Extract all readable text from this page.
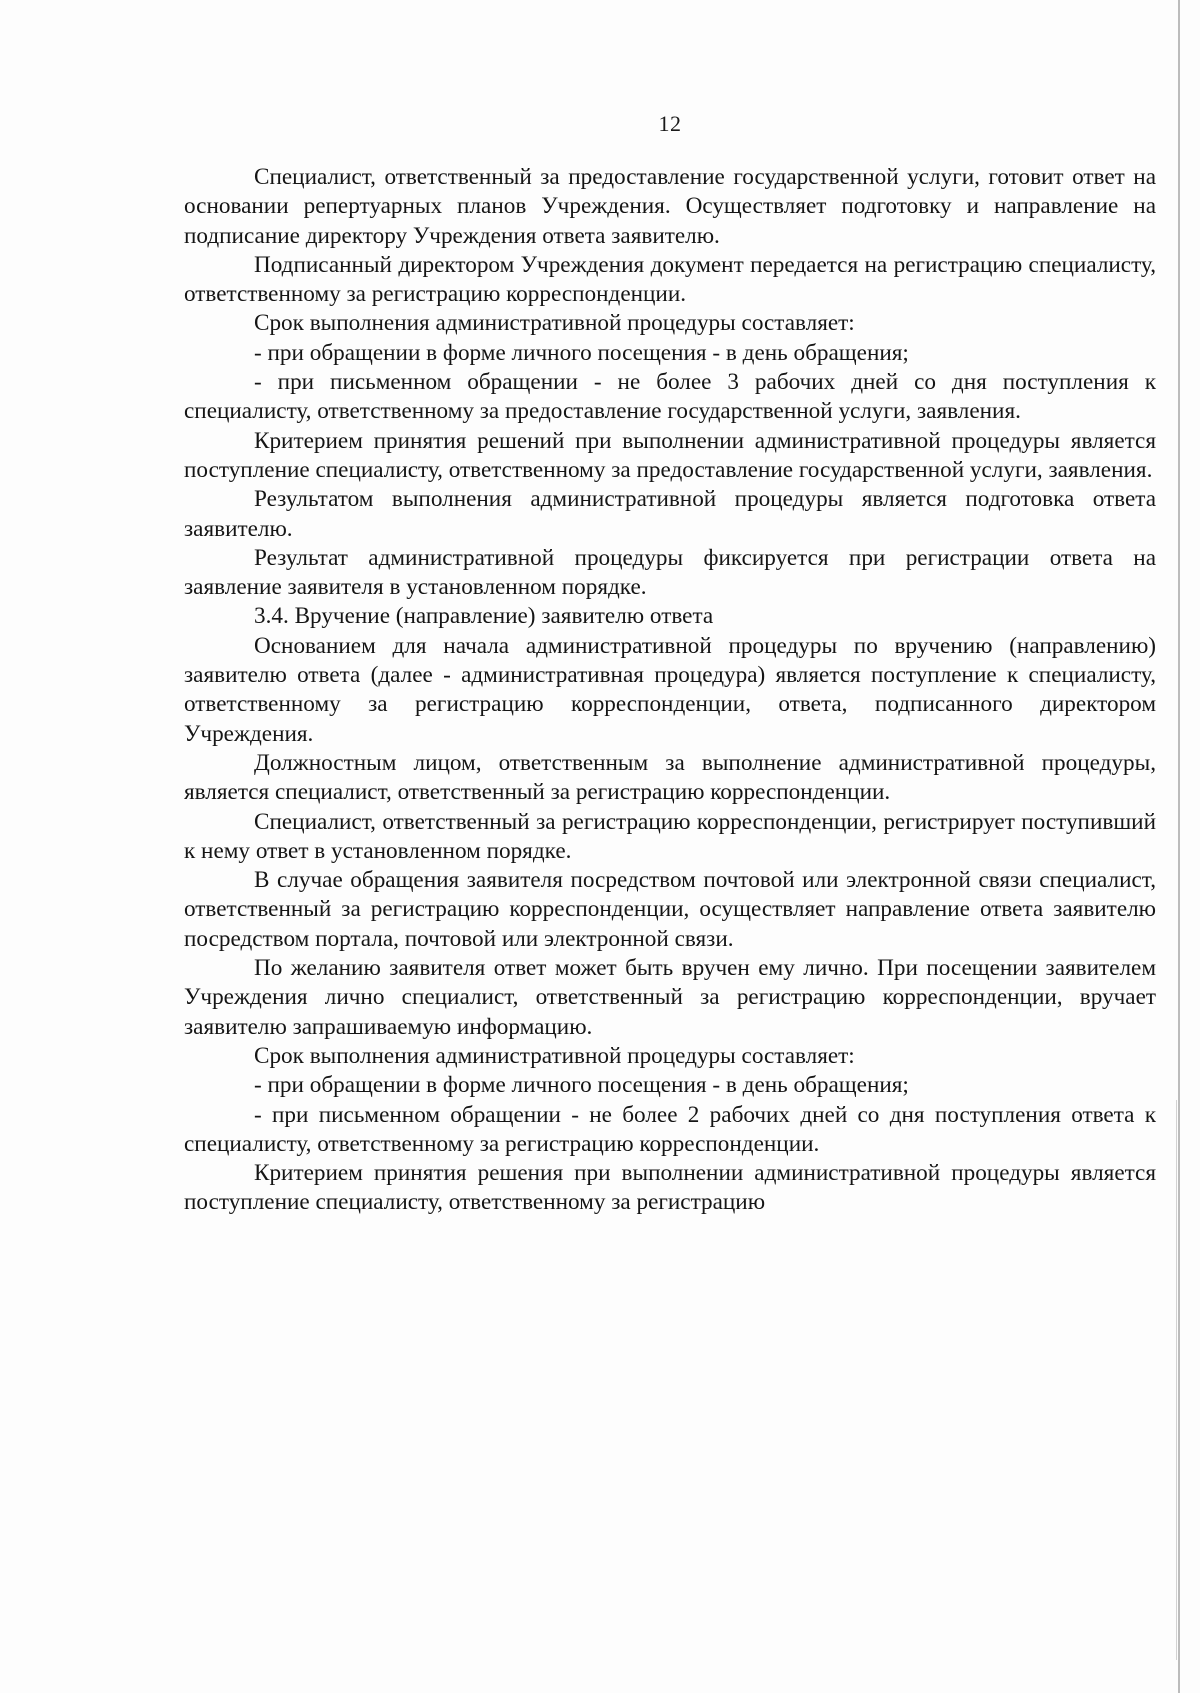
12

Специалист, ответственный за предоставление государственной услуги, готовит ответ на основании репертуарных планов Учреждения. Осуществляет подготовку и направление на подписание директору Учреждения ответа заявителю.

Подписанный директором Учреждения документ передается на регистрацию специалисту, ответственному за регистрацию корреспонденции.

Срок выполнения административной процедуры составляет:

- при обращении в форме личного посещения - в день обращения;

- при письменном обращении - не более 3 рабочих дней со дня поступления к специалисту, ответственному за предоставление государственной услуги, заявления.

Критерием принятия решений при выполнении административной процедуры является поступление специалисту, ответственному за предоставление государственной услуги, заявления.

Результатом выполнения административной процедуры является подготовка ответа заявителю.

Результат административной процедуры фиксируется при регистрации ответа на заявление заявителя в установленном порядке.

3.4. Вручение (направление) заявителю ответа

Основанием для начала административной процедуры по вручению (направлению) заявителю ответа (далее - административная процедура) является поступление к специалисту, ответственному за регистрацию корреспонденции, ответа, подписанного директором Учреждения.

Должностным лицом, ответственным за выполнение административной процедуры, является специалист, ответственный за регистрацию корреспонденции.

Специалист, ответственный за регистрацию корреспонденции, регистрирует поступивший к нему ответ в установленном порядке.

В случае обращения заявителя посредством почтовой или электронной связи специалист, ответственный за регистрацию корреспонденции, осуществляет направление ответа заявителю посредством портала, почтовой или электронной связи.

По желанию заявителя ответ может быть вручен ему лично. При посещении заявителем Учреждения лично специалист, ответственный за регистрацию корреспонденции, вручает заявителю запрашиваемую информацию.

Срок выполнения административной процедуры составляет:

- при обращении в форме личного посещения - в день обращения;

- при письменном обращении - не более 2 рабочих дней со дня поступления ответа к специалисту, ответственному за регистрацию корреспонденции.

Критерием принятия решения при выполнении административной процедуры является поступление специалисту, ответственному за регистрацию
